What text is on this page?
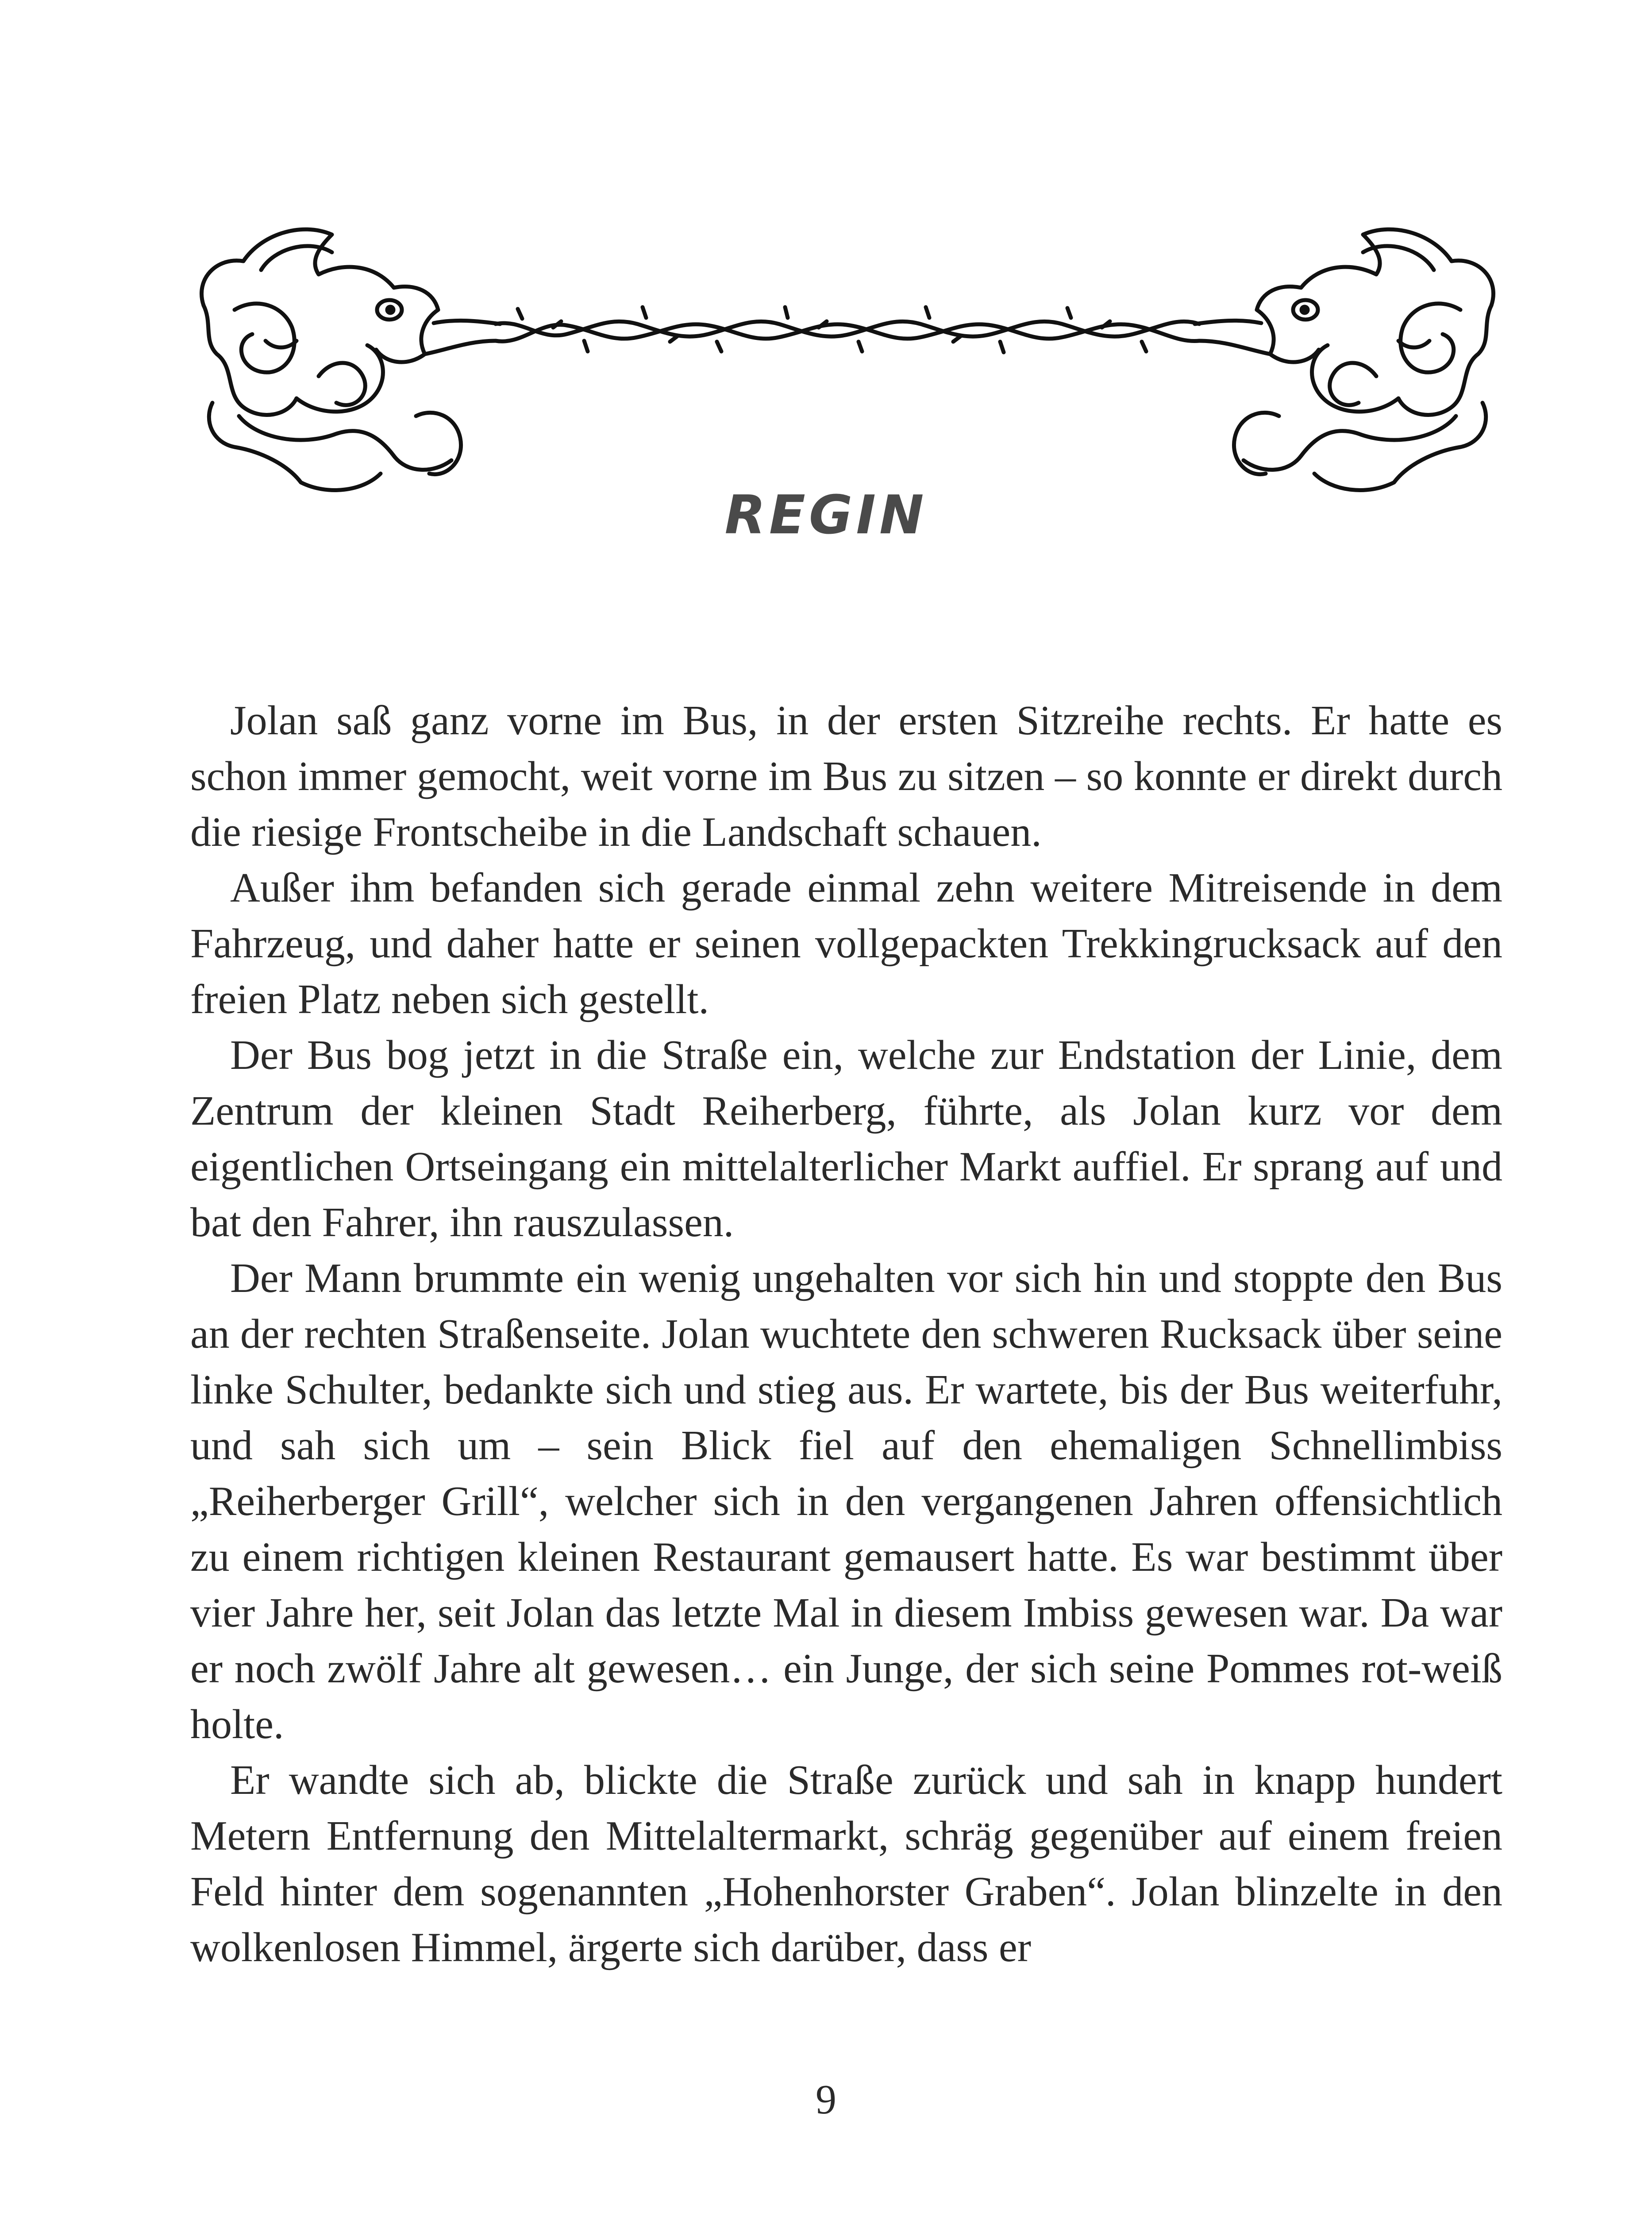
REGIN

Jolan saß ganz vorne im Bus, in der ersten Sitzreihe rechts. Er hatte es schon immer gemocht, weit vorne im Bus zu sitzen – so konnte er direkt durch die riesige Frontscheibe in die Landschaft schauen.

Außer ihm befanden sich gerade einmal zehn weitere Mitreisende in dem Fahrzeug, und daher hatte er seinen vollgepackten Trekkingrucksack auf den freien Platz neben sich gestellt.

Der Bus bog jetzt in die Straße ein, welche zur Endstation der Linie, dem Zentrum der kleinen Stadt Reiherberg, führte, als Jolan kurz vor dem eigentlichen Ortseingang ein mittelalterlicher Markt auffiel. Er sprang auf und bat den Fahrer, ihn rauszulassen.

Der Mann brummte ein wenig ungehalten vor sich hin und stoppte den Bus an der rechten Straßenseite. Jolan wuchtete den schweren Rucksack über seine linke Schulter, bedankte sich und stieg aus. Er wartete, bis der Bus weiterfuhr, und sah sich um – sein Blick fiel auf den ehemaligen Schnellimbiss „Reiherberger Grill“, welcher sich in den vergangenen Jahren offensichtlich zu einem richtigen kleinen Restaurant gemausert hatte. Es war bestimmt über vier Jahre her, seit Jolan das letzte Mal in diesem Imbiss gewesen war. Da war er noch zwölf Jahre alt gewesen… ein Junge, der sich seine Pommes rot-weiß holte.

Er wandte sich ab, blickte die Straße zurück und sah in knapp hundert Metern Entfernung den Mittelaltermarkt, schräg gegenüber auf einem freien Feld hinter dem sogenannten „Hohenhorster Graben“. Jolan blinzelte in den wolkenlosen Himmel, ärgerte sich darüber, dass er

9
